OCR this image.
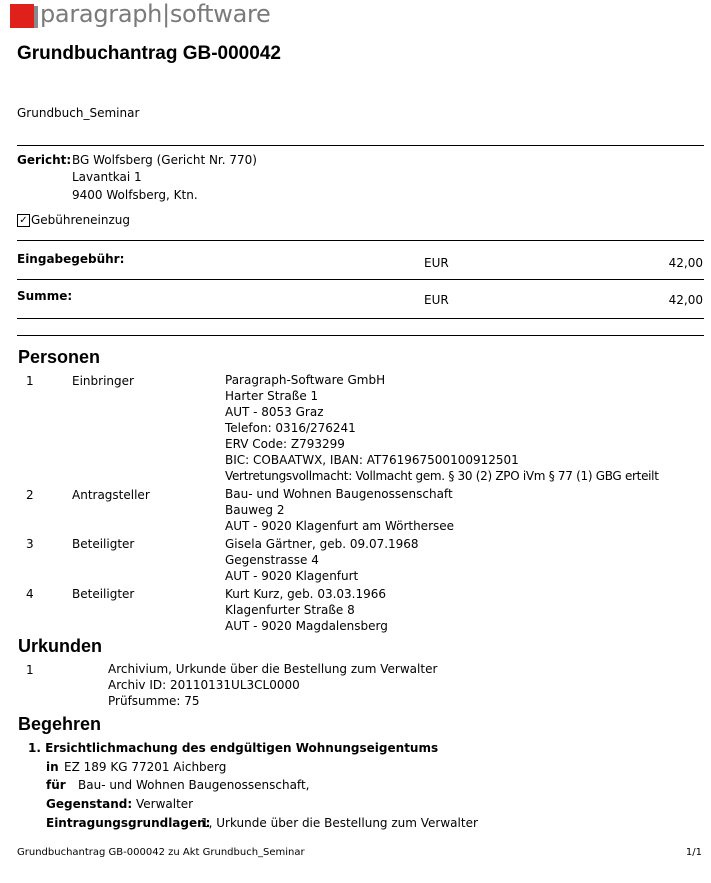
paragraph|software
Grundbuchantrag GB-000042
Grundbuch_Seminar
Gericht: BG Wolfsberg (Gericht Nr. 770)
Lavantkai 1
9400 Wolfsberg, Ktn.
✓ Gebühreneinzug
Eingabegebühr:	EUR	42,00
Summe:	EUR	42,00
Personen
1	Einbringer	Paragraph-Software GmbH
Harter Straße 1
AUT - 8053 Graz
Telefon: 0316/276241
ERV Code: Z793299
BIC: COBAATWX, IBAN: AT761967500100912501
Vertretungsvollmacht: Vollmacht gem. § 30 (2) ZPO iVm § 77 (1) GBG erteilt
2	Antragsteller	Bau- und Wohnen Baugenossenschaft
Bauweg 2
AUT - 9020 Klagenfurt am Wörthersee
3	Beteiligter	Gisela Gärtner, geb. 09.07.1968
Gegenstrasse 4
AUT - 9020 Klagenfurt
4	Beteiligter	Kurt Kurz, geb. 03.03.1966
Klagenfurter Straße 8
AUT - 9020 Magdalensberg
Urkunden
1	Archivium, Urkunde über die Bestellung zum Verwalter
Archiv ID: 20110131UL3CL0000
Prüfsumme: 75
Begehren
1. Ersichtlichmachung des endgültigen Wohnungseigentums
in EZ 189 KG 77201 Aichberg
für Bau- und Wohnen Baugenossenschaft,
Gegenstand: Verwalter
Eintragungsgrundlagen:
1, Urkunde über die Bestellung zum Verwalter
Grundbuchantrag GB-000042 zu Akt Grundbuch_Seminar	1/1
